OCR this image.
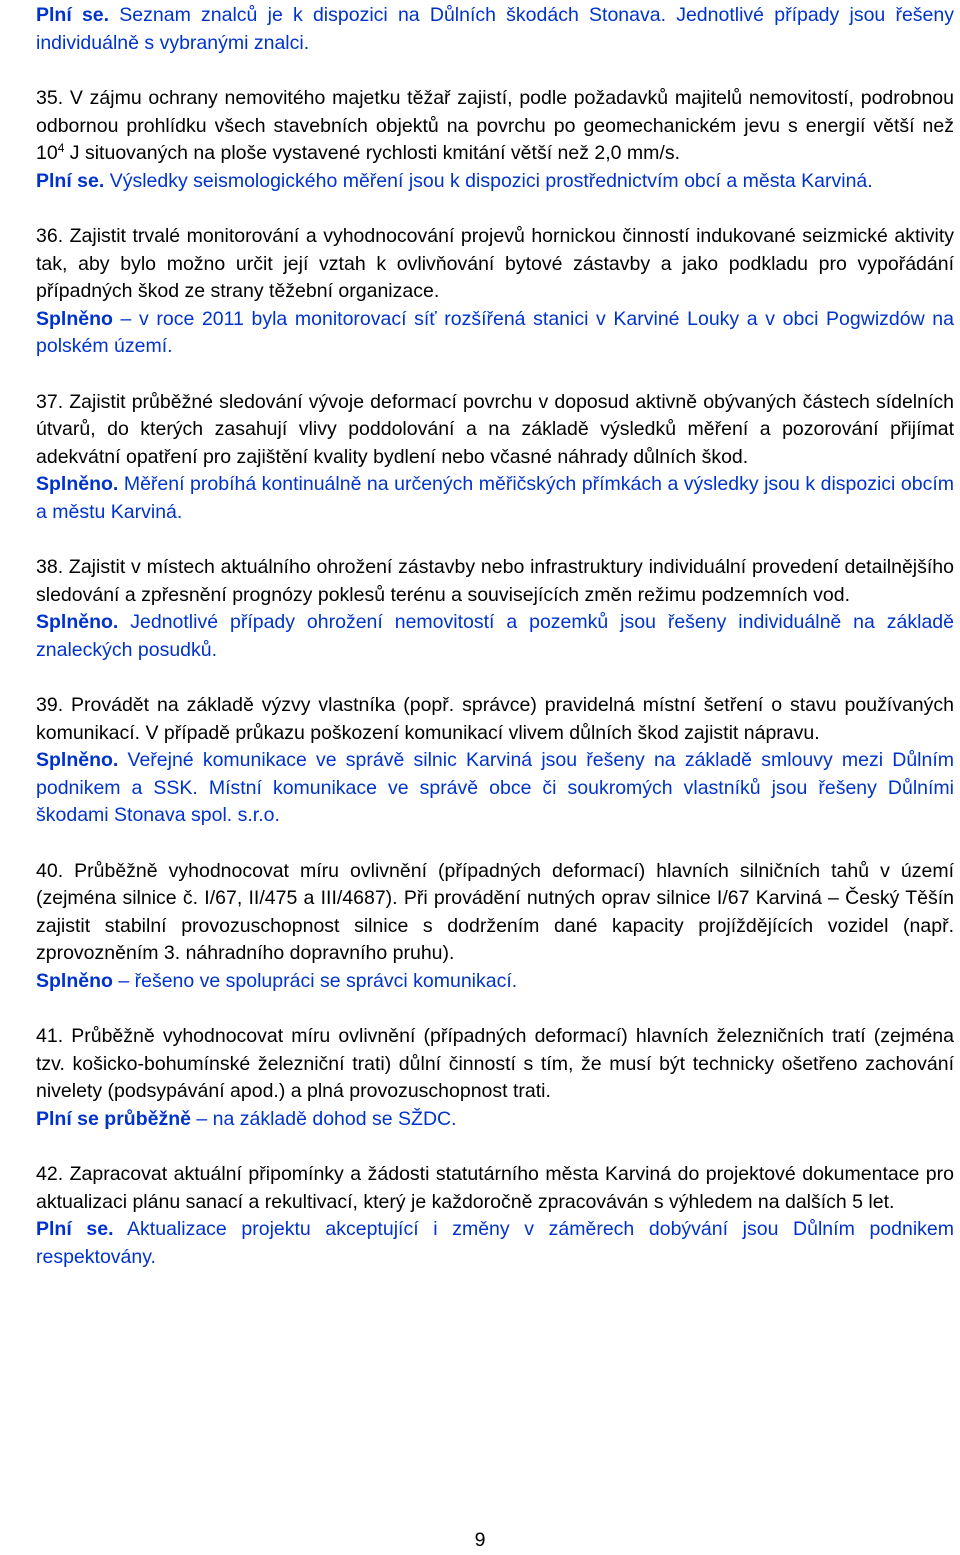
Plní se. Seznam znalců je k dispozici na Důlních škodách Stonava. Jednotlivé případy jsou řešeny individuálně s vybranými znalci.

35. V zájmu ochrany nemovitého majetku těžař zajistí, podle požadavků majitelů nemovitostí, podrobnou odbornou prohlídku všech stavebních objektů na povrchu po geomechanickém jevu s energií větší než $10^4$ J situovaných na ploše vystavené rychlosti kmitání větší než 2,0 mm/s.

Plní se. Výsledky seismologického měření jsou k dispozici prostřednictvím obcí a města Karviná.

36. Zajistit trvalé monitorování a vyhodnocování projevů hornickou činností indukované seizmické aktivity tak, aby bylo možno určit její vztah k ovlivňování bytové zástavby a jako podkladu pro vypořádání případných škod ze strany těžební organizace.

Splněno – v roce 2011 byla monitorovací síť rozšířená stanici v Karviné Louky a v obci Pogwizdów na polském území.

37. Zajistit průběžné sledování vývoje deformací povrchu v doposud aktivně obývaných částech sídelních útvarů, do kterých zasahují vlivy poddolování a na základě výsledků měření a pozorování přijímat adekvátní opatření pro zajištění kvality bydlení nebo včasné náhrady důlních škod.

Splněno. Měření probíhá kontinuálně na určených měřičských přímkách a výsledky jsou k dispozici obcím a městu Karviná.

38. Zajistit v místech aktuálního ohrožení zástavby nebo infrastruktury individuální provedení detailnějšího sledování a zpřesnění prognózy poklesů terénu a souvisejících změn režimu podzemních vod.

Splněno. Jednotlivé případy ohrožení nemovitostí a pozemků jsou řešeny individuálně na základě znaleckých posudků.

39. Provádět na základě výzvy vlastníka (popř. správce) pravidelná místní šetření o stavu používaných komunikací. V případě průkazu poškození komunikací vlivem důlních škod zajistit nápravu.

Splněno. Veřejné komunikace ve správě silnic Karviná jsou řešeny na základě smlouvy mezi Důlním podnikem a SSK. Místní komunikace ve správě obce či soukromých vlastníků jsou řešeny Důlními škodami Stonava spol. s.r.o.

40. Průběžně vyhodnocovat míru ovlivnění (případných deformací) hlavních silničních tahů v území (zejména silnice č. I/67, II/475 a III/4687). Při provádění nutných oprav silnice I/67 Karviná – Český Těšín zajistit stabilní provozuschopnost silnice s dodržením dané kapacity projíždějících vozidel (např. zprovozněním 3. náhradního dopravního pruhu).

Splněno – řešeno ve spolupráci se správci komunikací.

41. Průběžně vyhodnocovat míru ovlivnění (případných deformací) hlavních železničních tratí (zejména tzv. košicko-bohumínské železniční trati) důlní činností s tím, že musí být technicky ošetřeno zachování nivelety (podsypávání apod.) a plná provozuschopnost trati.

Plní se průběžně – na základě dohod se SŽDC.

42. Zapracovat aktuální připomínky a žádosti statutárního města Karviná do projektové dokumentace pro aktualizaci plánu sanací a rekultivací, který je každoročně zpracováván s výhledem na dalších 5 let.

Plní se. Aktualizace projektu akceptující i změny v záměrech dobývání jsou Důlním podnikem respektovány.

9
